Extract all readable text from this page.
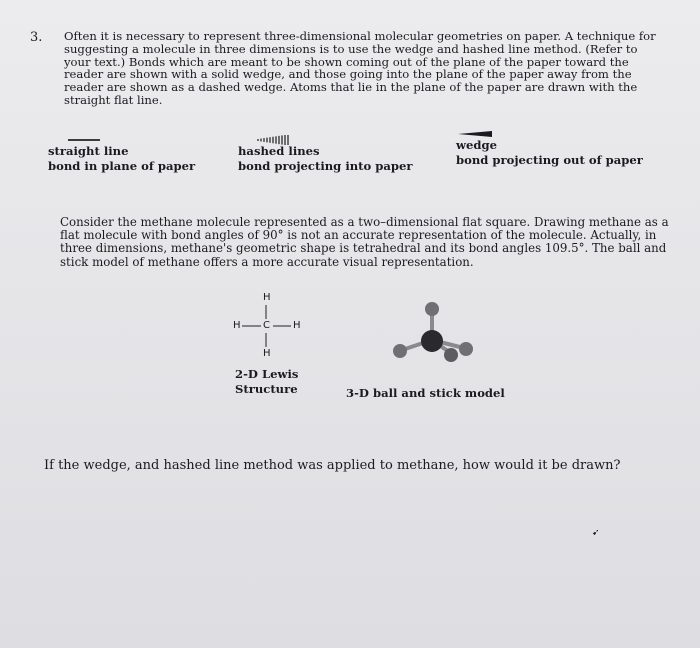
3. Often it is necessary to represent three-dimensional molecular geometries on paper. A technique for suggesting a molecule in three dimensions is to use the wedge and hashed line method. (Refer to your text.) Bonds which are meant to be shown coming out of the plane of the paper toward the reader are shown with a solid wedge, and those going into the plane of the paper away from the reader are shown as a dashed wedge. Atoms that lie in the plane of the paper are drawn with the straight flat line.
straight line
bond in plane of paper
hashed lines
bond projecting into paper
wedge
bond projecting out of paper
Consider the methane molecule represented as a two–dimensional flat square. Drawing methane as a flat molecule with bond angles of 90° is not an accurate representation of the molecule. Actually, in three dimensions, methane's geometric shape is tetrahedral and its bond angles 109.5°. The ball and stick model of methane offers a more accurate visual representation.
H
H C H
H
2-D Lewis
Structure	3-D ball and stick model
If the wedge, and hashed line method was applied to methane, how would it be drawn?
➹
